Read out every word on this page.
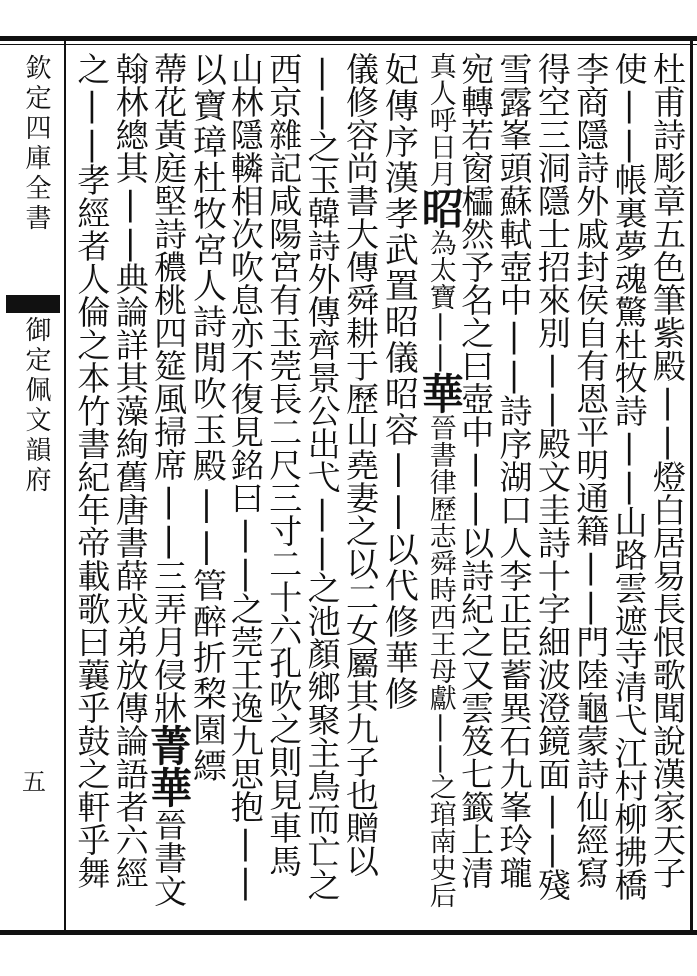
欽定四庫全書
御定佩文韻府
五	杜甫詩彫章五色筆紫殿||燈白居易長恨歌聞說漢家天子
使||帳裏夢魂驚杜牧詩||山路雲遮寺清弋江村柳拂橋
李商隱詩外戚封侯自有恩平明通籍||門陸龜蒙詩仙經寫
得空三洞隱士招來別||殿文圭詩十字細波澄鏡面||殘
雪露峯頭蘇軾壺中||詩序湖口人李正臣蓄異石九峯玲瓏
宛轉若窗櫺然予名之曰壺中||以詩紀之又雲笈七籤上清
真人呼日月昭為太寶||華晉書律歷志舜時西王母獻||之琯南史后
妃傳序漢孝武置昭儀昭容||以代修華修
儀修容尚書大傳舜耕于歷山堯妻之以二女屬其九子也贈以
||之玉韓詩外傳齊景公出弋||之池顏鄉聚主鳥而亡之
西京雜記咸陽宮有玉莞長二尺三寸二十六孔吹之則見車馬
山林隱轔相次吹息亦不復見銘曰||之莞王逸九思抱||
以寶璋杜牧宮人詩閒吹玉殿||管醉折棃園縹
蔕花黃庭堅詩穠桃四筵風掃席||三弄月侵牀菁華晉書文
翰林總其||典論詳其藻絢舊唐書薛戎弟放傳論語者六經
之||孝經者人倫之本竹書紀年帝載歌曰蘘乎鼓之軒乎舞
